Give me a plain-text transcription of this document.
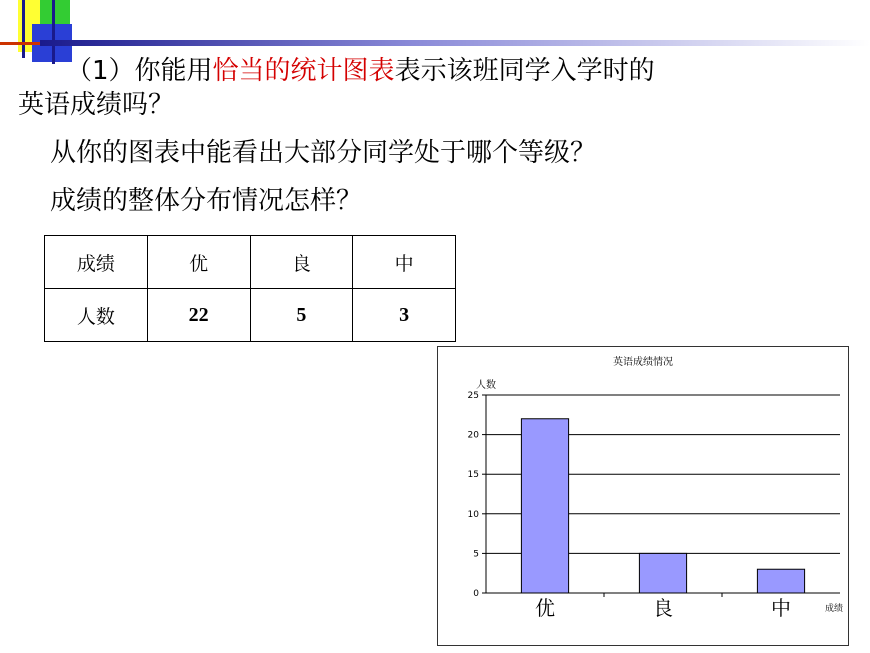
（1）你能用恰当的统计图表表示该班同学入学时的

英语成绩吗？

从你的图表中能看出大部分同学处于哪个等级？

成绩的整体分布情况怎样？

成绩	优	良	中
人数	22	5	3
英语成绩情况
人数
0
5
10
15
20
25
优	良	中	成绩
